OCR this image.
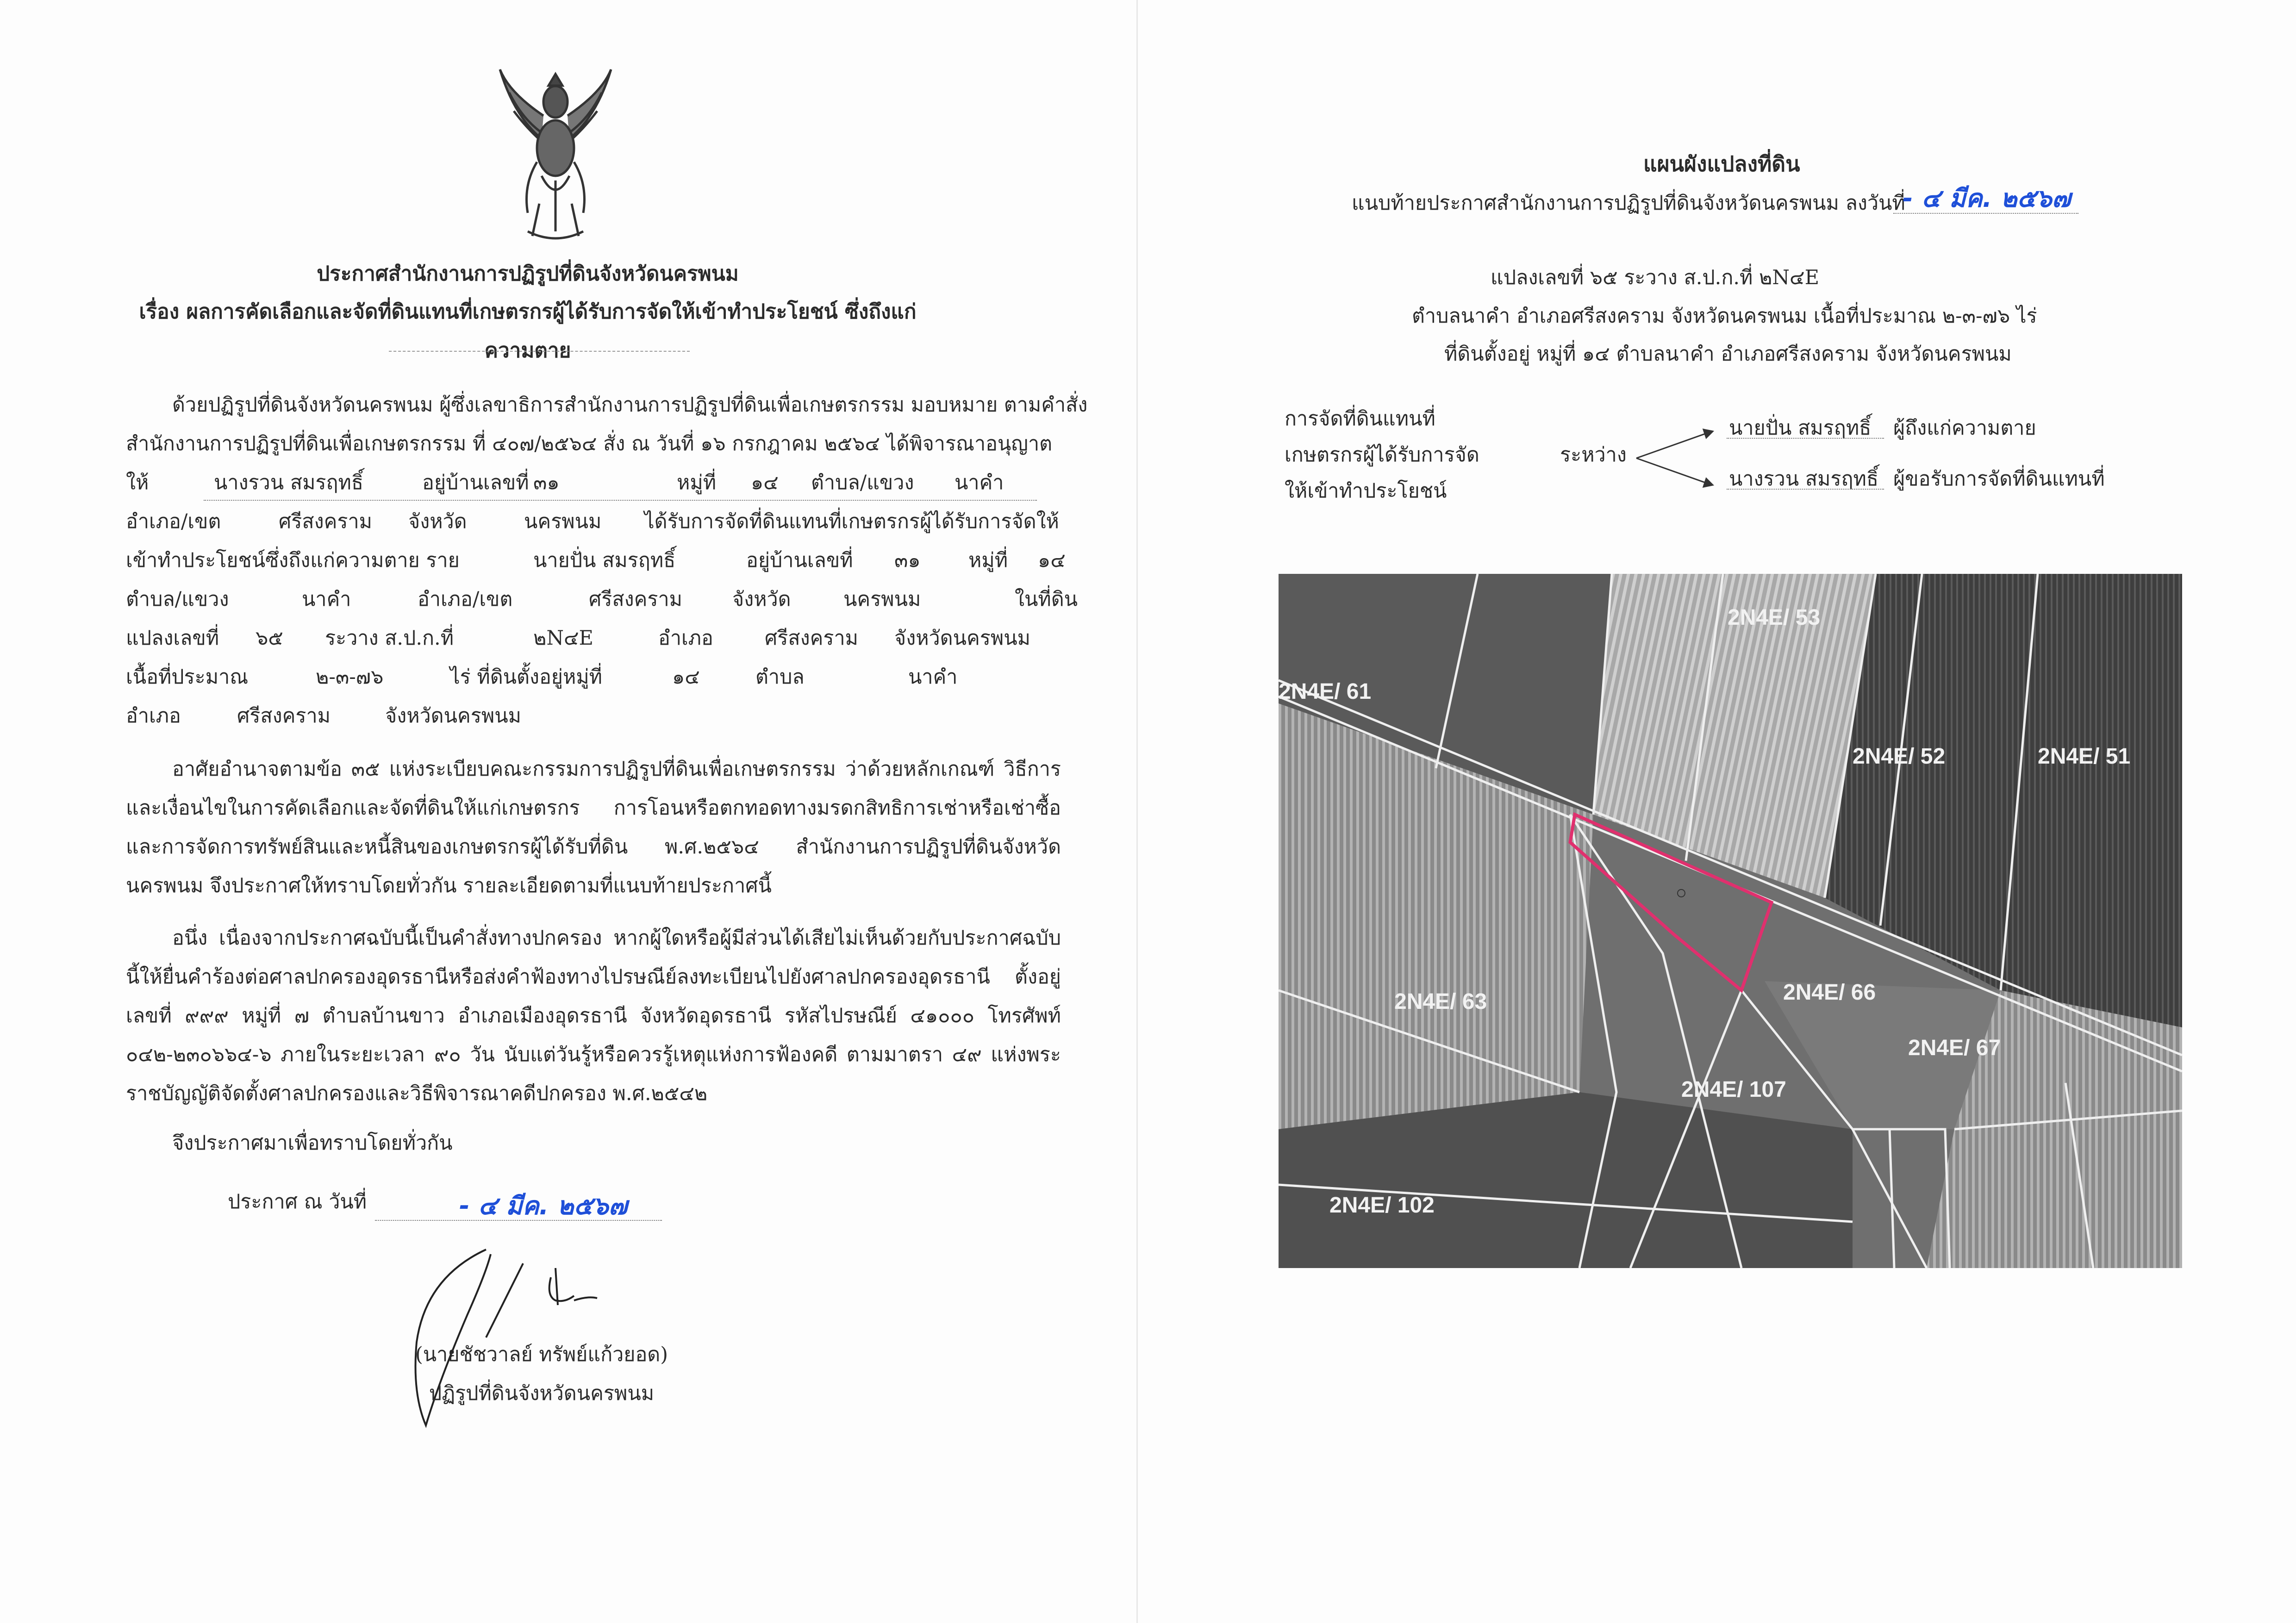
ประกาศสำนักงานการปฏิรูปที่ดินจังหวัดนครพนม
เรื่อง ผลการคัดเลือกและจัดที่ดินแทนที่เกษตรกรผู้ได้รับการจัดให้เข้าทำประโยชน์ ซึ่งถึงแก่ความตาย
ด้วยปฏิรูปที่ดินจังหวัดนครพนม ผู้ซึ่งเลขาธิการสำนักงานการปฏิรูปที่ดินเพื่อเกษตรกรรม มอบหมาย ตามคำสั่ง
สำนักงานการปฏิรูปที่ดินเพื่อเกษตรกรรม ที่ ๔๐๗/๒๕๖๔ สั่ง ณ วันที่ ๑๖ กรกฎาคม ๒๕๖๔ ได้พิจารณาอนุญาต
ให้	นางรวน สมรฤทธิ์	อยู่บ้านเลขที่ ๓๑	หมู่ที่ ๑๔ ตำบล/แขวง นาคำ
อำเภอ/เขต	ศรีสงคราม จังหวัด	นครพนม ได้รับการจัดที่ดินแทนที่เกษตรกรผู้ได้รับการจัดให้
เข้าทำประโยชน์ซึ่งถึงแก่ความตาย ราย	นายปั่น สมรฤทธิ์	อยู่บ้านเลขที่ ๓๑ หมู่ที่ ๑๔
ตำบล/แขวง	นาคำ	อำเภอ/เขต	ศรีสงคราม	จังหวัด	นครพนม	ในที่ดิน
แปลงเลขที่ ๖๕ ระวาง ส.ป.ก.ที่	๒N๔E	อำเภอ	ศรีสงคราม จังหวัดนครพนม
เนื้อที่ประมาณ	๒-๓-๗๖	ไร่ ที่ดินตั้งอยู่หมู่ที่	๑๔	ตำบล	นาคำ
อำเภอ	ศรีสงคราม	จังหวัดนครพนม
อาศัยอำนาจตามข้อ ๓๕ แห่งระเบียบคณะกรรมการปฏิรูปที่ดินเพื่อเกษตรกรรม ว่าด้วยหลักเกณฑ์ วิธีการ และเงื่อนไขในการคัดเลือกและจัดที่ดินให้แก่เกษตรกร การโอนหรือตกทอดทางมรดกสิทธิการเช่าหรือเช่าซื้อ และการจัดการทรัพย์สินและหนี้สินของเกษตรกรผู้ได้รับที่ดิน พ.ศ.๒๕๖๔ สำนักงานการปฏิรูปที่ดินจังหวัดนครพนม จึงประกาศให้ทราบโดยทั่วกัน รายละเอียดตามที่แนบท้ายประกาศนี้
อนึ่ง เนื่องจากประกาศฉบับนี้เป็นคำสั่งทางปกครอง หากผู้ใดหรือผู้มีส่วนได้เสียไม่เห็นด้วยกับประกาศฉบับนี้ให้ยื่นคำร้องต่อศาลปกครองอุดรธานีหรือส่งคำฟ้องทางไปรษณีย์ลงทะเบียนไปยังศาลปกครองอุดรธานี ตั้งอยู่เลขที่ ๙๙๙ หมู่ที่ ๗ ตำบลบ้านขาว อำเภอเมืองอุดรธานี จังหวัดอุดรธานี รหัสไปรษณีย์ ๔๑๐๐๐ โทรศัพท์ ๐๔๒-๒๓๐๖๖๔-๖ ภายในระยะเวลา ๙๐ วัน นับแต่วันรู้หรือควรรู้เหตุแห่งการฟ้องคดี ตามมาตรา ๔๙ แห่งพระราชบัญญัติจัดตั้งศาลปกครองและวิธีพิจารณาคดีปกครอง พ.ศ.๒๕๔๒
จึงประกาศมาเพื่อทราบโดยทั่วกัน
ประกาศ ณ วันที่	- ๔ มีค. ๒๕๖๗
(นายชัชวาลย์ ทรัพย์แก้วยอด)
ปฏิรูปที่ดินจังหวัดนครพนม
แผนผังแปลงที่ดิน
แนบท้ายประกาศสำนักงานการปฏิรูปที่ดินจังหวัดนครพนม ลงวันที่
- ๔ มีค. ๒๕๖๗
แปลงเลขที่ ๖๕ ระวาง ส.ป.ก.ที่ ๒N๔E
ตำบลนาคำ อำเภอศรีสงคราม จังหวัดนครพนม เนื้อที่ประมาณ ๒-๓-๗๖ ไร่
ที่ดินตั้งอยู่ หมู่ที่ ๑๔ ตำบลนาคำ อำเภอศรีสงคราม จังหวัดนครพนม
การจัดที่ดินแทนที่
เกษตรกรผู้ได้รับการจัด
ให้เข้าทำประโยชน์
ระหว่าง
นายปั่น สมรฤทธิ์ ผู้ถึงแก่ความตาย
นางรวน สมรฤทธิ์ ผู้ขอรับการจัดที่ดินแทนที่
2N4E/ 53
2N4E/ 61
2N4E/ 52	2N4E/ 51
2N4E/ 63	2N4E/ 66
2N4E/ 67
2N4E/ 107
2N4E/ 102
